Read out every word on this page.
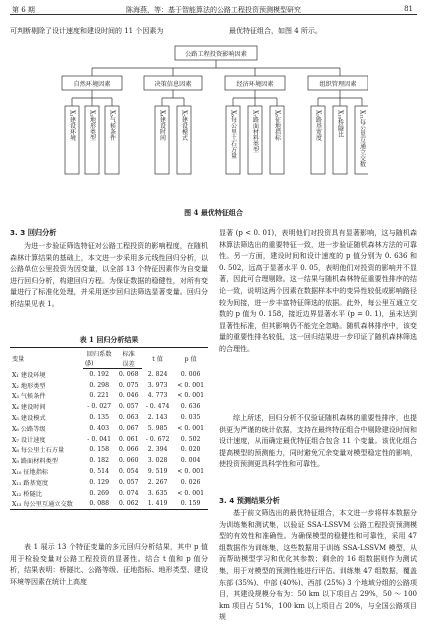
第 6 期	陈海燕，等：基于智能算法的公路工程投资预测模型研究	81
可判断剔除了设计速度和建设时间的 11 个因素为	最优特征组合，如图 4 所示。
公路工程投资影响因素
自然环境因素	决策信息因素	经济环境因素	组织管理因素
X₁建设环境 X₂地形类型 X₃气候条件	X₄建设时间	X₅建设模式	X₆每公里土石方量	X₇路面材料类型	X₈征地指标	X₉路基宽度	X₁₀桥隧比	X₁₁每公里互通立交数
图 4 最优特征组合
3. 3 回归分析
为进一步验证筛选特征对公路工程投资的影响程度，在随机森林计算结果的基础上，本文进一步采用多元线性回归分析，以公路单位公里投资为因变量，以全部 13 个特征因素作为自变量进行回归分析，构建回归方程。为保证数据的稳健性，对所有变量进行了标准化处理，并采用逐步回归法筛选显著变量。回归分析结果见表 1。
表 1 回归分析结果
变量	回归系数	标准	t 值	p 值
	(β)	误差		
X₁ 建设环境	0. 192	0. 068	2. 824	0. 006
X₂ 地形类型	0. 298	0. 075	3. 973	< 0. 001
X₃ 气候条件	0. 221	0. 046	4. 773	< 0. 001
X₄ 建设时间	- 0. 027	0. 057	- 0. 474	0. 636
X₅ 建设模式	0. 135	0. 063	2. 143	0. 035
X₆ 公路等级	0. 403	0. 067	5. 985	< 0. 001
X₇ 设计速度	- 0. 041	0. 061	- 0. 672	0. 502
X₈ 每公里土石方量	0. 158	0. 066	2. 394	0. 020
X₉ 路面材料类型	0. 182	0. 060	3. 028	0. 004
X₁₀ 征地指标	0. 514	0. 054	9. 519	< 0. 001
X₁₁ 路基宽度	0. 129	0. 057	2. 267	0. 026
X₁₂ 桥隧比	0. 269	0. 074	3. 635	< 0. 001
X₁₃ 每公里互通立交数	0. 088	0. 062	1. 419	0. 159
表 1 展示 13 个特征变量的多元回归分析结果，其中 p 值用于检验变量对公路工程投资的显著性。结合 t 值和 p 值分析，结果表明：桥隧比、公路等级、征地指标、地形类型、建设环境等因素在统计上高度
显著 (p < 0. 01)，表明他们对投资具有显著影响，这与随机森林算法筛选出的重要特征一致，进一步验证随机森林方法的可靠性。另一方面，建设时间和设计速度的 p 值分别为 0. 636 和 0. 502，远高于显著水平 0. 05，表明他们对投资的影响并不显著，因此可合理剔除。这一结果与随机森林特征重要性排序的结论一致，说明这两个因素在数据样本中的变异性较低或影响路径较为间接，进一步丰富特征筛选的依据。此外，每公里互通立交数的 p 值为 0. 158，接近边界显著水平 (p = 0. 1)，虽未达到显著性标准，但其影响仍不能完全忽略。随机森林排序中，该变量的重要性排名较低，这一回归结果进一步印证了随机森林筛选的合理性。
综上所述，回归分析不仅验证随机森林的重要性排序，也提供更为严谨的统计依据，支持在最终特征组合中剔除建设时间和设计速度，从而确定最优特征组合包含 11 个变量。该优化组合提高模型的预测能力，同时避免冗余变量对模型稳定性的影响，使投资预测更具科学性和可靠性。
3. 4 预测结果分析
基于前文筛选出的最优特征组合，本文进一步将样本数据分为训练集和测试集，以验证 SSA-LSSVM 公路工程投资预测模型的有效性和准确性。为确保模型的稳健性和可靠性，采用 47 组数据作为训练集，这些数据用于训练 SSA-LSSVM 模型，从而帮助模型学习和优化其参数；剩余的 16 组数据则作为测试集，用于对模型的预测性能进行评估。训练集 47 组数据，覆盖东部 (35%)、中部 (40%)、西部 (25%) 3 个地域分组的公路项目，其建设规模分布为：50 km 以下项目占 29%，50 ～ 100 km 项目占 51%，100 km 以上项目占 20%，与全国公路项目规
